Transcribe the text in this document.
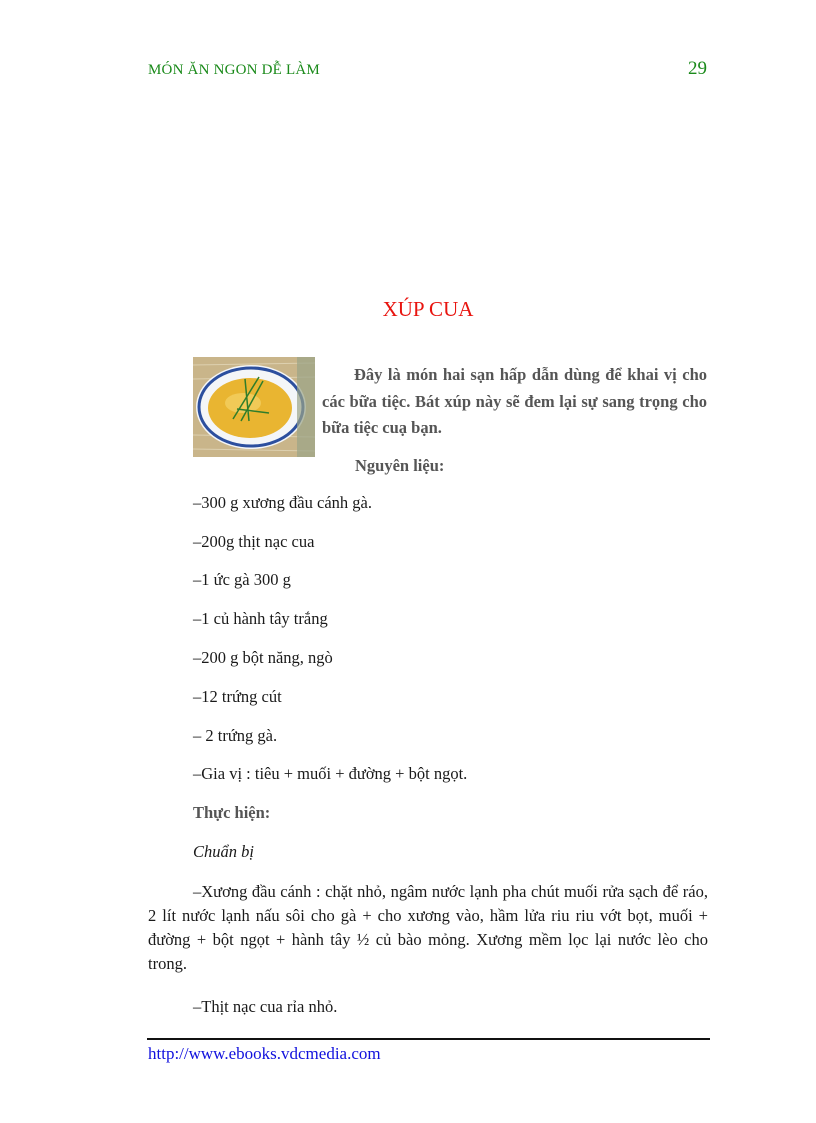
MÓN ĂN NGON DỄ LÀM	29
XÚP CUA

Đây là món hai sạn hấp dẫn dùng để khai vị cho các bữa tiệc. Bát xúp này sẽ đem lại sự sang trọng cho bữa tiệc cuạ bạn.

Nguyên liệu:
–300 g xương đầu cánh gà.
–200g thịt nạc cua
–1 ức gà 300 g
–1 củ hành tây trắng
–200 g bột năng, ngò
–12 trứng cút
– 2 trứng gà.
–Gia vị : tiêu + muối + đường + bột ngọt.
Thực hiện:
Chuẩn bị

–Xương đầu cánh : chặt nhỏ, ngâm nước lạnh pha chút muối rửa sạch để ráo, 2 lít nước lạnh nấu sôi cho gà + cho xương vào, hầm lửa riu riu vớt bọt, muối + đường + bột ngọt + hành tây ½ củ bào mỏng. Xương mềm lọc lại nước lèo cho trong.

–Thịt nạc cua rỉa nhỏ.
http://www.ebooks.vdcmedia.com
